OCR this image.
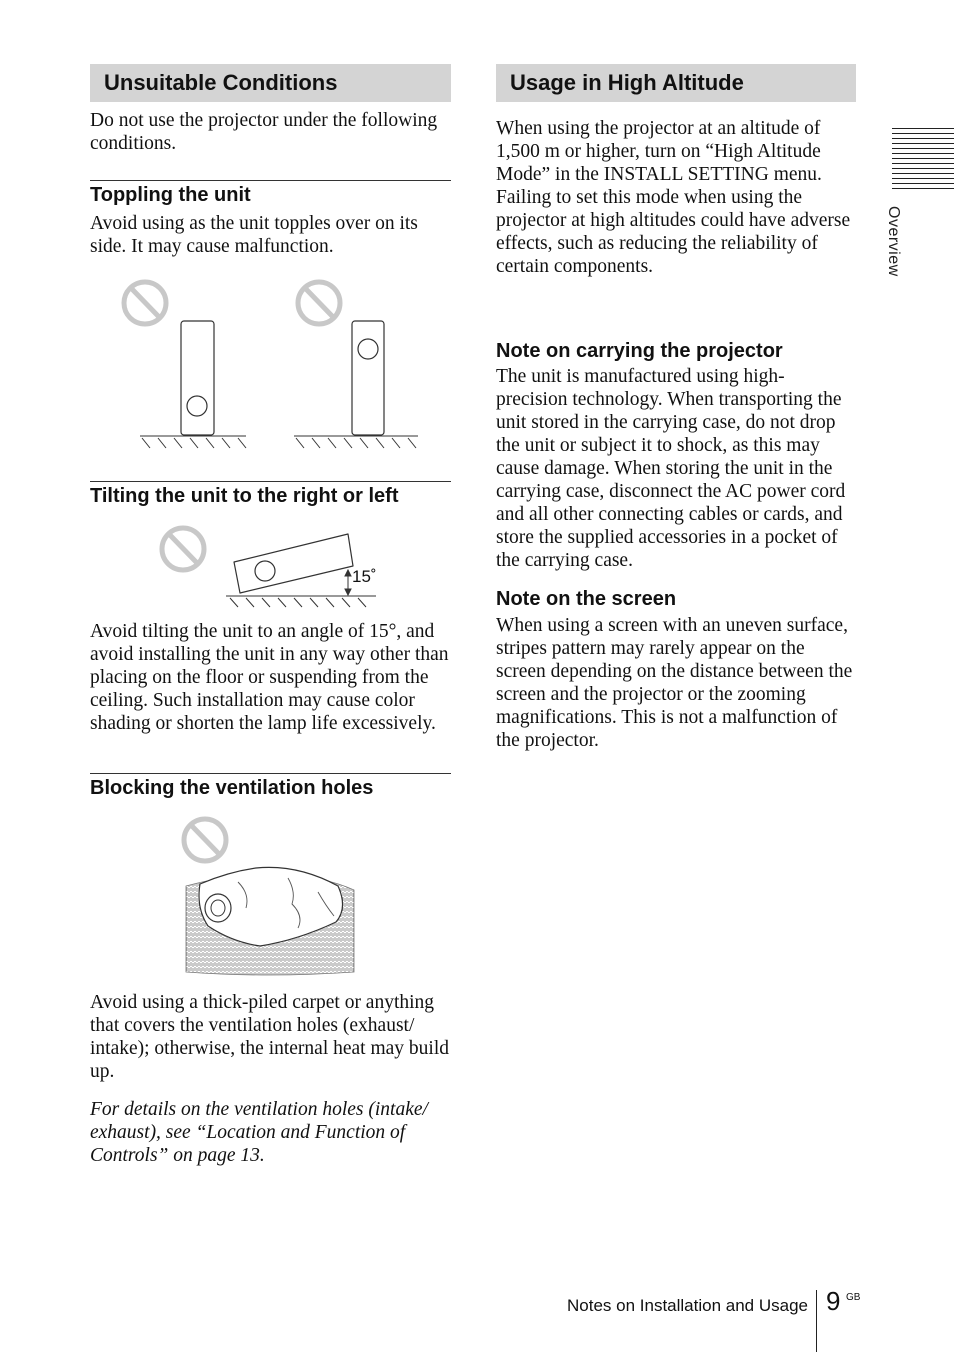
Unsuitable Conditions

Do not use the projector under the following conditions.

Toppling the unit

Avoid using as the unit topples over on its side. It may cause malfunction.

Tilting the unit to the right or left

15˚

Avoid tilting the unit to an angle of 15°, and avoid installing the unit in any way other than placing on the floor or suspending from the ceiling. Such installation may cause color shading or shorten the lamp life excessively.

Blocking the ventilation holes

Avoid using a thick-piled carpet or anything that covers the ventilation holes (exhaust/ intake); otherwise, the internal heat may build up.

For details on the ventilation holes (intake/ exhaust), see “Location and Function of Controls” on page 13.

Usage in High Altitude

When using the projector at an altitude of 1,500 m or higher, turn on “High Altitude Mode” in the INSTALL SETTING menu. Failing to set this mode when using the projector at high altitudes could have adverse effects, such as reducing the reliability of certain components.

Note on carrying the projector

The unit is manufactured using high-precision technology. When transporting the unit stored in the carrying case, do not drop the unit or subject it to shock, as this may cause damage. When storing the unit in the carrying case, disconnect the AC power cord and all other connecting cables or cards, and store the supplied accessories in a pocket of the carrying case.

Note on the screen

When using a screen with an uneven surface, stripes pattern may rarely appear on the screen depending on the distance between the screen and the projector or the zooming magnifications. This is not a malfunction of the projector.

Overview
Notes on Installation and Usage 9 GB
